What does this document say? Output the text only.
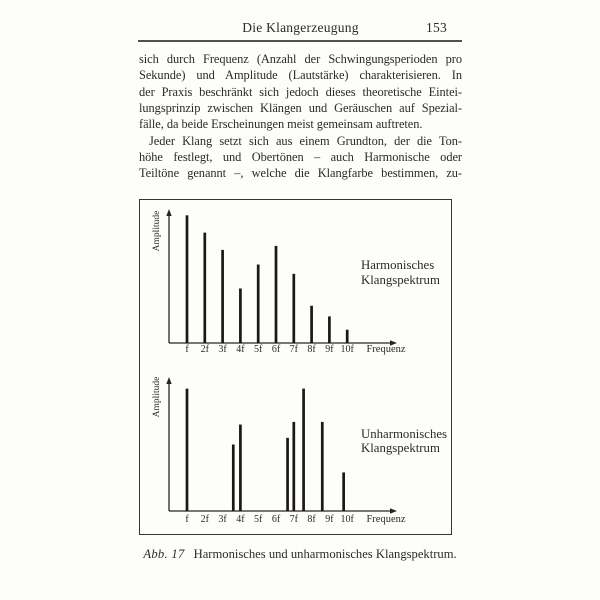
Die Klangerzeugung	153
sich durch Frequenz (Anzahl der Schwingungsperioden pro
Sekunde) und Amplitude (Lautstärke) charakterisieren. In
der Praxis beschränkt sich jedoch dieses theoretische Eintei-
lungsprinzip zwischen Klängen und Geräuschen auf Spezial-
fälle, da beide Erscheinungen meist gemeinsam auftreten.
Jeder Klang setzt sich aus einem Grundton, der die Ton-
höhe festlegt, und Obertönen – auch Harmonische oder
Teiltöne genannt –, welche die Klangfarbe bestimmen, zu-
Amplitude
f 2f 3f 4f 5f 6f 7f 8f 9f 10f Frequenz
Harmonisches
Klangspektrum
Amplitude
f 2f 3f 4f 5f 6f 7f 8f 9f 10f Frequenz
Unharmonisches
Klangspektrum
Abb. 17 Harmonisches und unharmonisches Klangspektrum.
